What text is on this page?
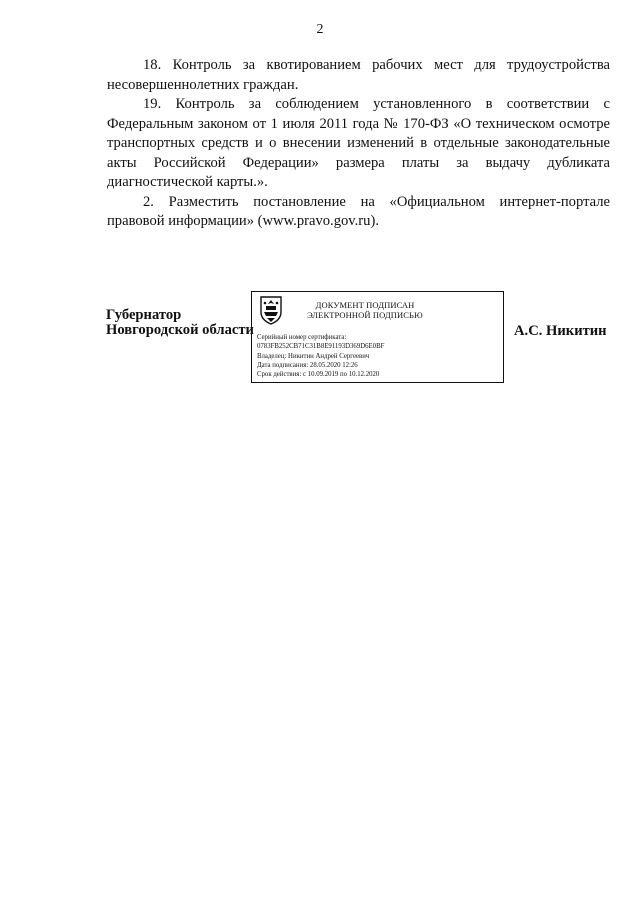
2

18. Контроль за квотированием рабочих мест для трудоустройства несовершеннолетних граждан.

19. Контроль за соблюдением установленного в соответствии с Федеральным законом от 1 июля 2011 года № 170-ФЗ «О техническом осмотре транспортных средств и о внесении изменений в отдельные законодательные акты Российской Федерации» размера платы за выдачу дубликата диагностической карты.».

2. Разместить постановление на «Официальном интернет-портале правовой информации» (www.pravo.gov.ru).

Губернатор
Новгородской области
ДОКУМЕНТ ПОДПИСАН
ЭЛЕКТРОННОЙ ПОДПИСЬЮ
Серийный номер сертификата:
0783FB252CB71C31B8E91193D369D6E0BF
Владелец: Никитин Андрей Сергеевич
Дата подписания: 28.05.2020 12:26
Срок действия: с 10.09.2019 по 10.12.2020
А.С. Никитин
